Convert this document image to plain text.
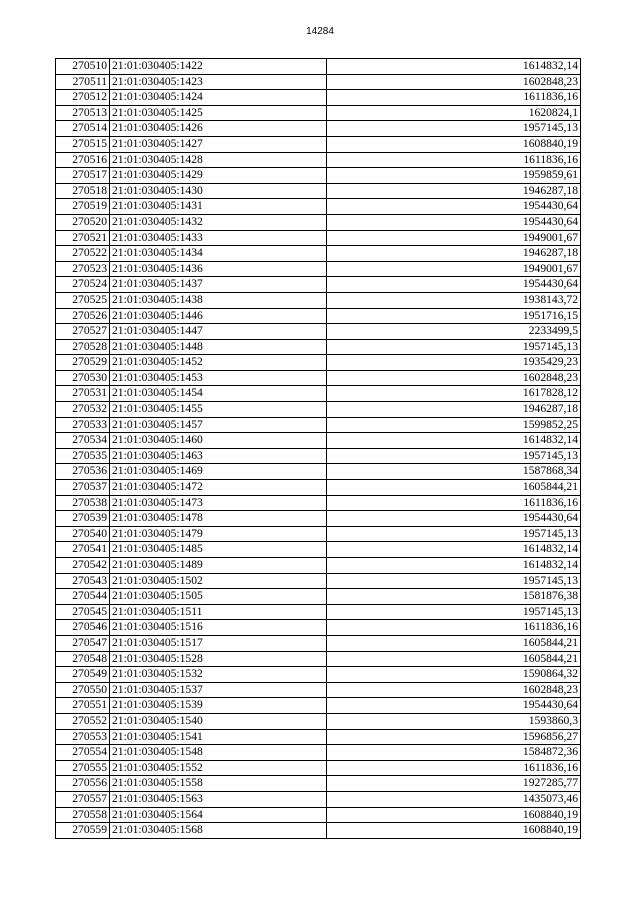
14284
270510	21:01:030405:1422	1614832,14
270511	21:01:030405:1423	1602848,23
270512	21:01:030405:1424	1611836,16
270513	21:01:030405:1425	1620824,1
270514	21:01:030405:1426	1957145,13
270515	21:01:030405:1427	1608840,19
270516	21:01:030405:1428	1611836,16
270517	21:01:030405:1429	1959859,61
270518	21:01:030405:1430	1946287,18
270519	21:01:030405:1431	1954430,64
270520	21:01:030405:1432	1954430,64
270521	21:01:030405:1433	1949001,67
270522	21:01:030405:1434	1946287,18
270523	21:01:030405:1436	1949001,67
270524	21:01:030405:1437	1954430,64
270525	21:01:030405:1438	1938143,72
270526	21:01:030405:1446	1951716,15
270527	21:01:030405:1447	2233499,5
270528	21:01:030405:1448	1957145,13
270529	21:01:030405:1452	1935429,23
270530	21:01:030405:1453	1602848,23
270531	21:01:030405:1454	1617828,12
270532	21:01:030405:1455	1946287,18
270533	21:01:030405:1457	1599852,25
270534	21:01:030405:1460	1614832,14
270535	21:01:030405:1463	1957145,13
270536	21:01:030405:1469	1587868,34
270537	21:01:030405:1472	1605844,21
270538	21:01:030405:1473	1611836,16
270539	21:01:030405:1478	1954430,64
270540	21:01:030405:1479	1957145,13
270541	21:01:030405:1485	1614832,14
270542	21:01:030405:1489	1614832,14
270543	21:01:030405:1502	1957145,13
270544	21:01:030405:1505	1581876,38
270545	21:01:030405:1511	1957145,13
270546	21:01:030405:1516	1611836,16
270547	21:01:030405:1517	1605844,21
270548	21:01:030405:1528	1605844,21
270549	21:01:030405:1532	1590864,32
270550	21:01:030405:1537	1602848,23
270551	21:01:030405:1539	1954430,64
270552	21:01:030405:1540	1593860,3
270553	21:01:030405:1541	1596856,27
270554	21:01:030405:1548	1584872,36
270555	21:01:030405:1552	1611836,16
270556	21:01:030405:1558	1927285,77
270557	21:01:030405:1563	1435073,46
270558	21:01:030405:1564	1608840,19
270559	21:01:030405:1568	1608840,19
